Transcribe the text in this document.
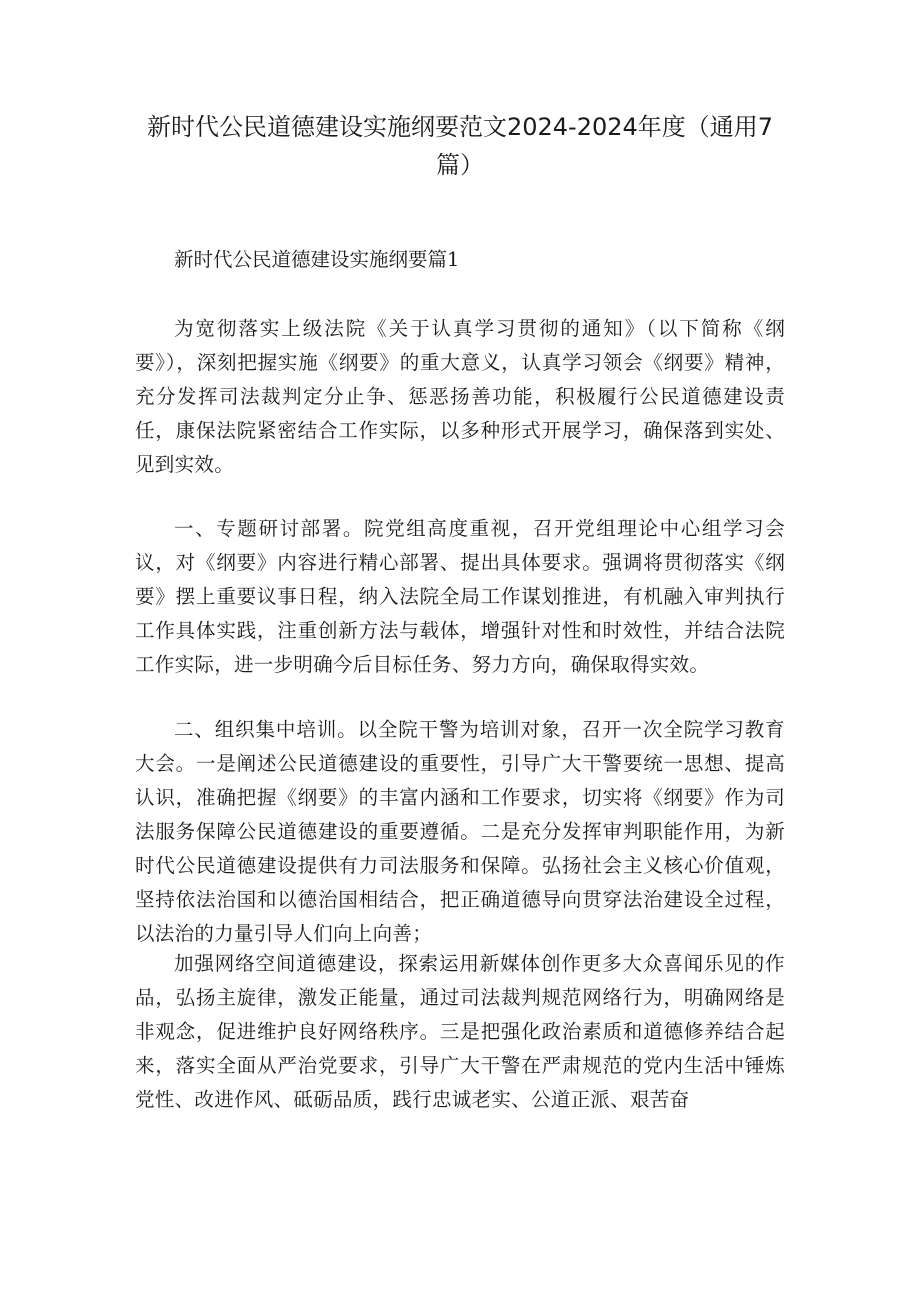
新时代公民道德建设实施纲要范文2024-2024年度（通用7篇）

新时代公民道德建设实施纲要篇1

为宽彻落实上级法院《关于认真学习贯彻的通知》（以下简称《纲要》），深刻把握实施《纲要》的重大意义，认真学习领会《纲要》精神，充分发挥司法裁判定分止争、惩恶扬善功能，积极履行公民道德建设责任，康保法院紧密结合工作实际，以多种形式开展学习，确保落到实处、见到实效。

一、专题研讨部署。院党组高度重视，召开党组理论中心组学习会议，对《纲要》内容进行精心部署、提出具体要求。强调将贯彻落实《纲要》摆上重要议事日程，纳入法院全局工作谋划推进，有机融入审判执行工作具体实践，注重创新方法与载体，增强针对性和时效性，并结合法院工作实际，进一步明确今后目标任务、努力方向，确保取得实效。

二、组织集中培训。以全院干警为培训对象，召开一次全院学习教育大会。一是阐述公民道德建设的重要性，引导广大干警要统一思想、提高认识，准确把握《纲要》的丰富内涵和工作要求，切实将《纲要》作为司法服务保障公民道德建设的重要遵循。二是充分发挥审判职能作用，为新时代公民道德建设提供有力司法服务和保障。弘扬社会主义核心价值观，坚持依法治国和以德治国相结合，把正确道德导向贯穿法治建设全过程，以法治的力量引导人们向上向善；

加强网络空间道德建设，探索运用新媒体创作更多大众喜闻乐见的作品，弘扬主旋律，激发正能量，通过司法裁判规范网络行为，明确网络是非观念，促进维护良好网络秩序。三是把强化政治素质和道德修养结合起来，落实全面从严治党要求，引导广大干警在严肃规范的党内生活中锤炼党性、改进作风、砥砺品质，践行忠诚老实、公道正派、艰苦奋
